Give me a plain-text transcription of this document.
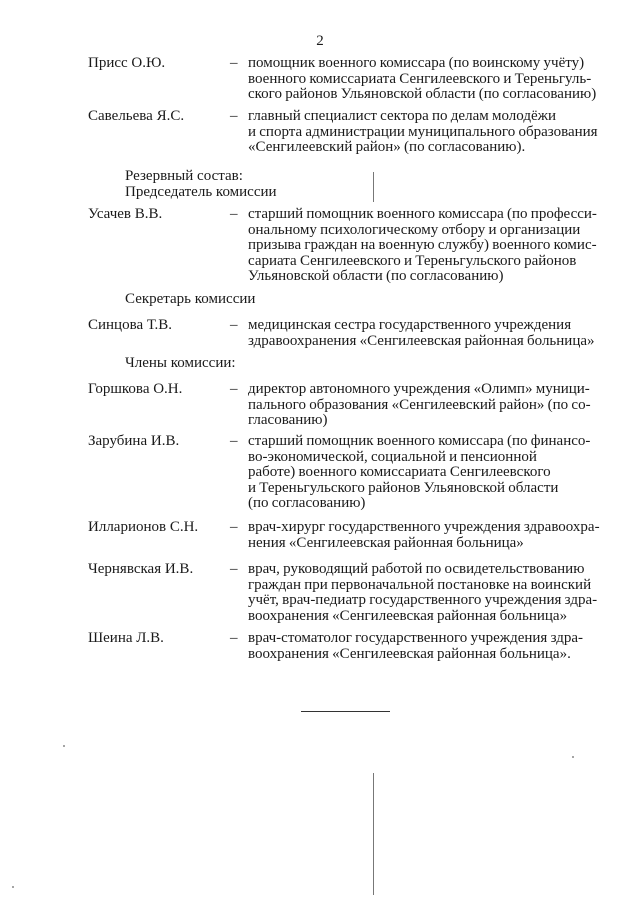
2
Присс О.Ю.	– помощник военного комиссара (по воинскому учёту)
военного комиссариата Сенгилеевского и Тереньгуль-
ского районов Ульяновской области (по согласованию)
Савельева Я.С.	– главный специалист сектора по делам молодёжи
и спорта администрации муниципального образования
«Сенгилеевский район» (по согласованию).
Резервный состав:
Председатель комиссии
Усачев В.В.	– старший помощник военного комиссара (по професси-
ональному психологическому отбору и организации
призыва граждан на военную службу) военного комис-
сариата Сенгилеевского и Тереньгульского районов
Ульяновской области (по согласованию)
Секретарь комиссии
Синцова Т.В.	– медицинская сестра государственного учреждения
здравоохранения «Сенгилеевская районная больница»
Члены комиссии:
Горшкова О.Н.	– директор автономного учреждения «Олимп» муници-
пального образования «Сенгилеевский район» (по со-
гласованию)
Зарубина И.В.	– старший помощник военного комиссара (по финансо-
во-экономической, социальной и пенсионной
работе) военного комиссариата Сенгилеевского
и Тереньгульского районов Ульяновской области
(по согласованию)
Илларионов С.Н. – врач-хирург государственного учреждения здравоохра-
нения «Сенгилеевская районная больница»
Чернявская И.В. – врач, руководящий работой по освидетельствованию
граждан при первоначальной постановке на воинский
учёт, врач-педиатр государственного учреждения здра-
воохранения «Сенгилеевская районная больница»
Шеина Л.В.	– врач-стоматолог государственного учреждения здра-
воохранения «Сенгилеевская районная больница».
